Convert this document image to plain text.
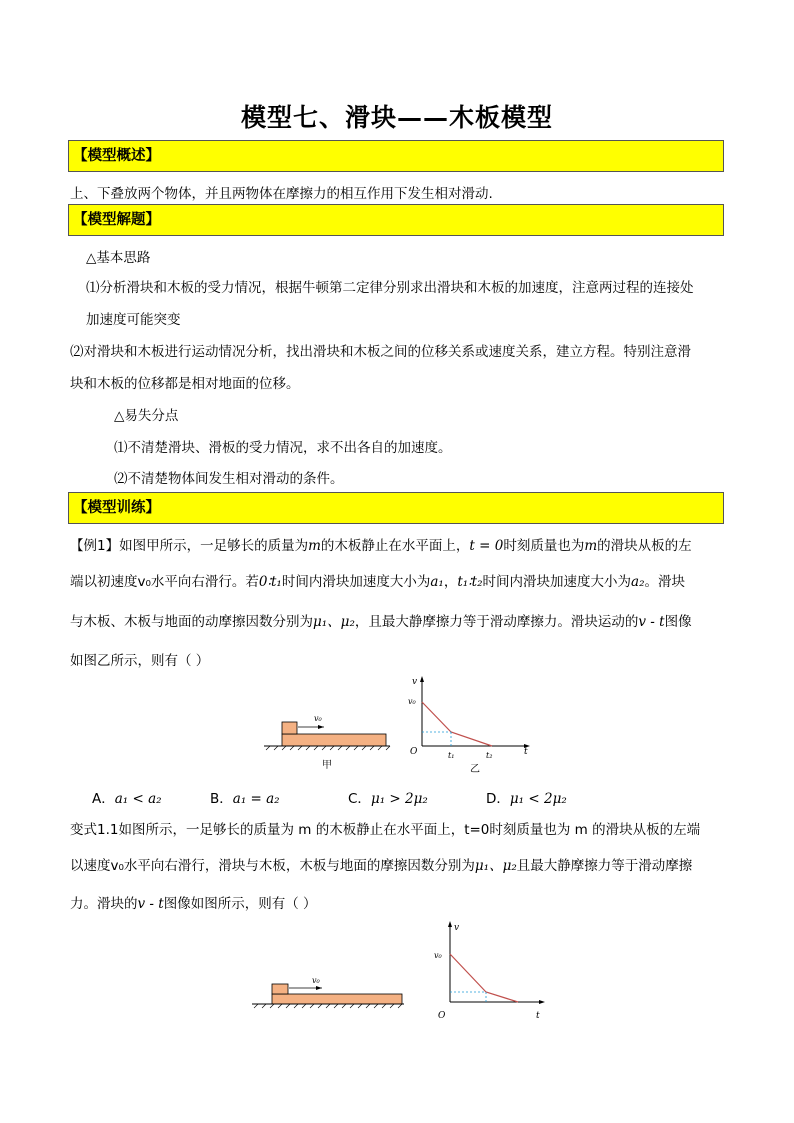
模型七、滑块——木板模型
【模型概述】
上、下叠放两个物体，并且两物体在摩擦力的相互作用下发生相对滑动.
【模型解题】
△基本思路
⑴分析滑块和木板的受力情况，根据牛顿第二定律分别求出滑块和木板的加速度，注意两过程的连接处
加速度可能突变
⑵对滑块和木板进行运动情况分析，找出滑块和木板之间的位移关系或速度关系，建立方程。特别注意滑
块和木板的位移都是相对地面的位移。
△易失分点
⑴不清楚滑块、滑板的受力情况，求不出各自的加速度。
⑵不清楚物体间发生相对滑动的条件。
【模型训练】
【例1】如图甲所示，一足够长的质量为m的木板静止在水平面上，t = 0时刻质量也为m的滑块从板的左
端以初速度v₀水平向右滑行。若0∶t₁时间内滑块加速度大小为a₁，t₁∶t₂时间内滑块加速度大小为a₂。滑块
与木板、木板与地面的动摩擦因数分别为μ₁、μ₂，且最大静摩擦力等于滑动摩擦力。滑块运动的v - t图像
如图乙所示，则有（ ）
v₀
甲
v
v₀
O	t
t₁	t₂
乙
A．a₁ < a₂	B．a₁ = a₂	C．μ₁ > 2μ₂	D．μ₁ < 2μ₂
变式1.1如图所示，一足够长的质量为 m 的木板静止在水平面上，t=0时刻质量也为 m 的滑块从板的左端
以速度v₀水平向右滑行，滑块与木板，木板与地面的摩擦因数分别为μ₁、μ₂且最大静摩擦力等于滑动摩擦
力。滑块的v - t图像如图所示，则有（ ）
v₀
v
v₀
O	t
